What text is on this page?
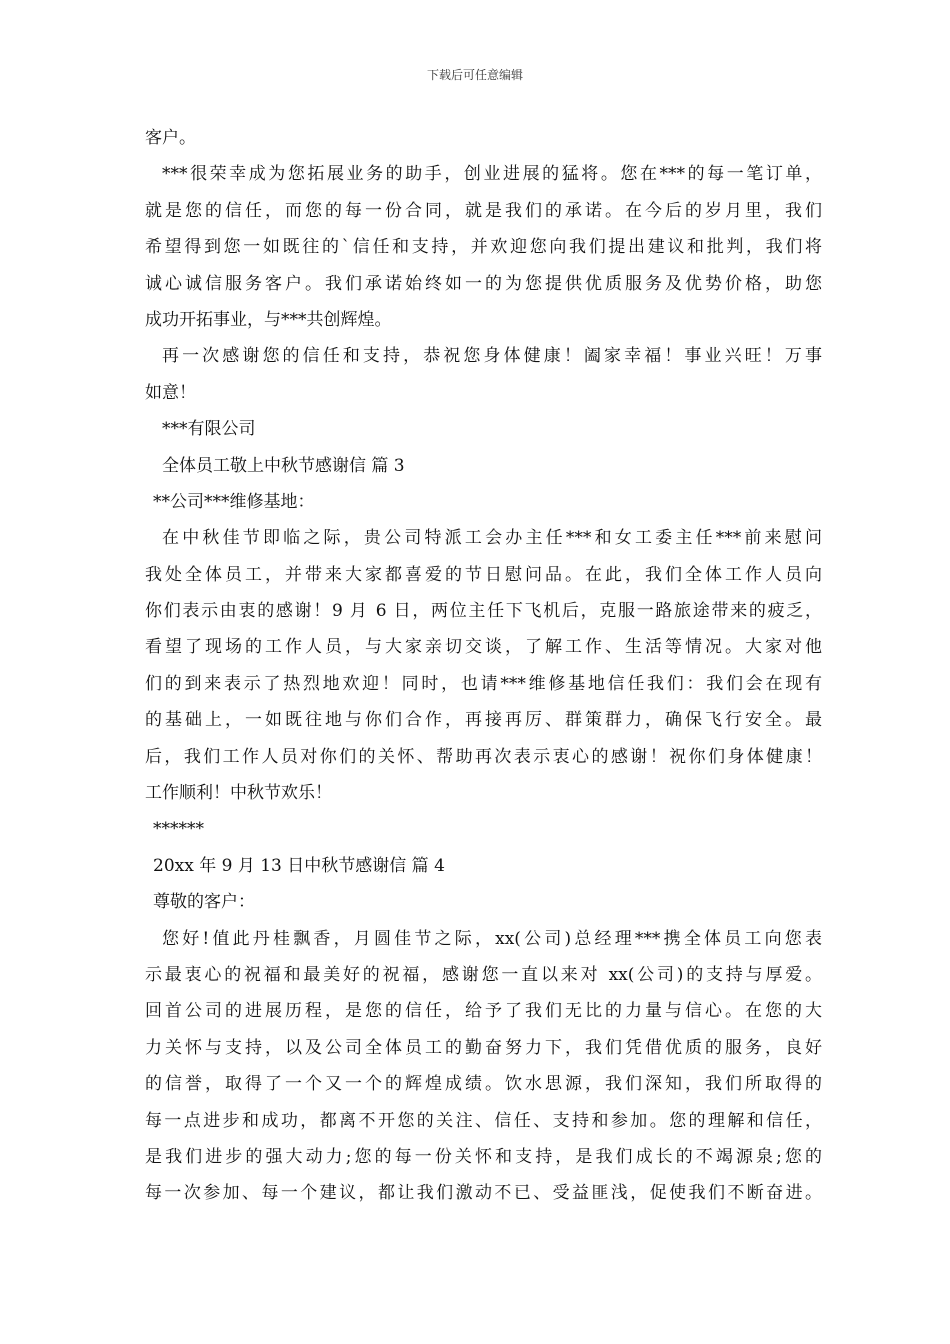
下载后可任意编辑
客户。
***很荣幸成为您拓展业务的助手，创业进展的猛将。您在***的每一笔订单，
就是您的信任，而您的每一份合同，就是我们的承诺。在今后的岁月里，我们
希望得到您一如既往的`信任和支持，并欢迎您向我们提出建议和批判，我们将
诚心诚信服务客户。我们承诺始终如一的为您提供优质服务及优势价格，助您
成功开拓事业，与***共创辉煌。
再一次感谢您的信任和支持，恭祝您身体健康！阖家幸福！事业兴旺！万事
如意！
***有限公司
全体员工敬上中秋节感谢信 篇 3
**公司***维修基地：
在中秋佳节即临之际，贵公司特派工会办主任***和女工委主任***前来慰问
我处全体员工，并带来大家都喜爱的节日慰问品。在此，我们全体工作人员向
你们表示由衷的感谢！9 月 6 日，两位主任下飞机后，克服一路旅途带来的疲乏，
看望了现场的工作人员，与大家亲切交谈，了解工作、生活等情况。大家对他
们的到来表示了热烈地欢迎！同时，也请***维修基地信任我们：我们会在现有
的基础上，一如既往地与你们合作，再接再厉、群策群力，确保飞行安全。最
后，我们工作人员对你们的关怀、帮助再次表示衷心的感谢！祝你们身体健康！
工作顺利！中秋节欢乐！
******
20xx 年 9 月 13 日中秋节感谢信 篇 4
尊敬的客户：
您好!值此丹桂飘香，月圆佳节之际，xx(公司)总经理***携全体员工向您表
示最衷心的祝福和最美好的祝福，感谢您一直以来对 xx(公司)的支持与厚爱。
回首公司的进展历程，是您的信任，给予了我们无比的力量与信心。在您的大
力关怀与支持，以及公司全体员工的勤奋努力下，我们凭借优质的服务，良好
的信誉，取得了一个又一个的辉煌成绩。饮水思源，我们深知，我们所取得的
每一点进步和成功，都离不开您的关注、信任、支持和参加。您的理解和信任，
是我们进步的强大动力;您的每一份关怀和支持，是我们成长的不竭源泉;您的
每一次参加、每一个建议，都让我们激动不已、受益匪浅，促使我们不断奋进。
